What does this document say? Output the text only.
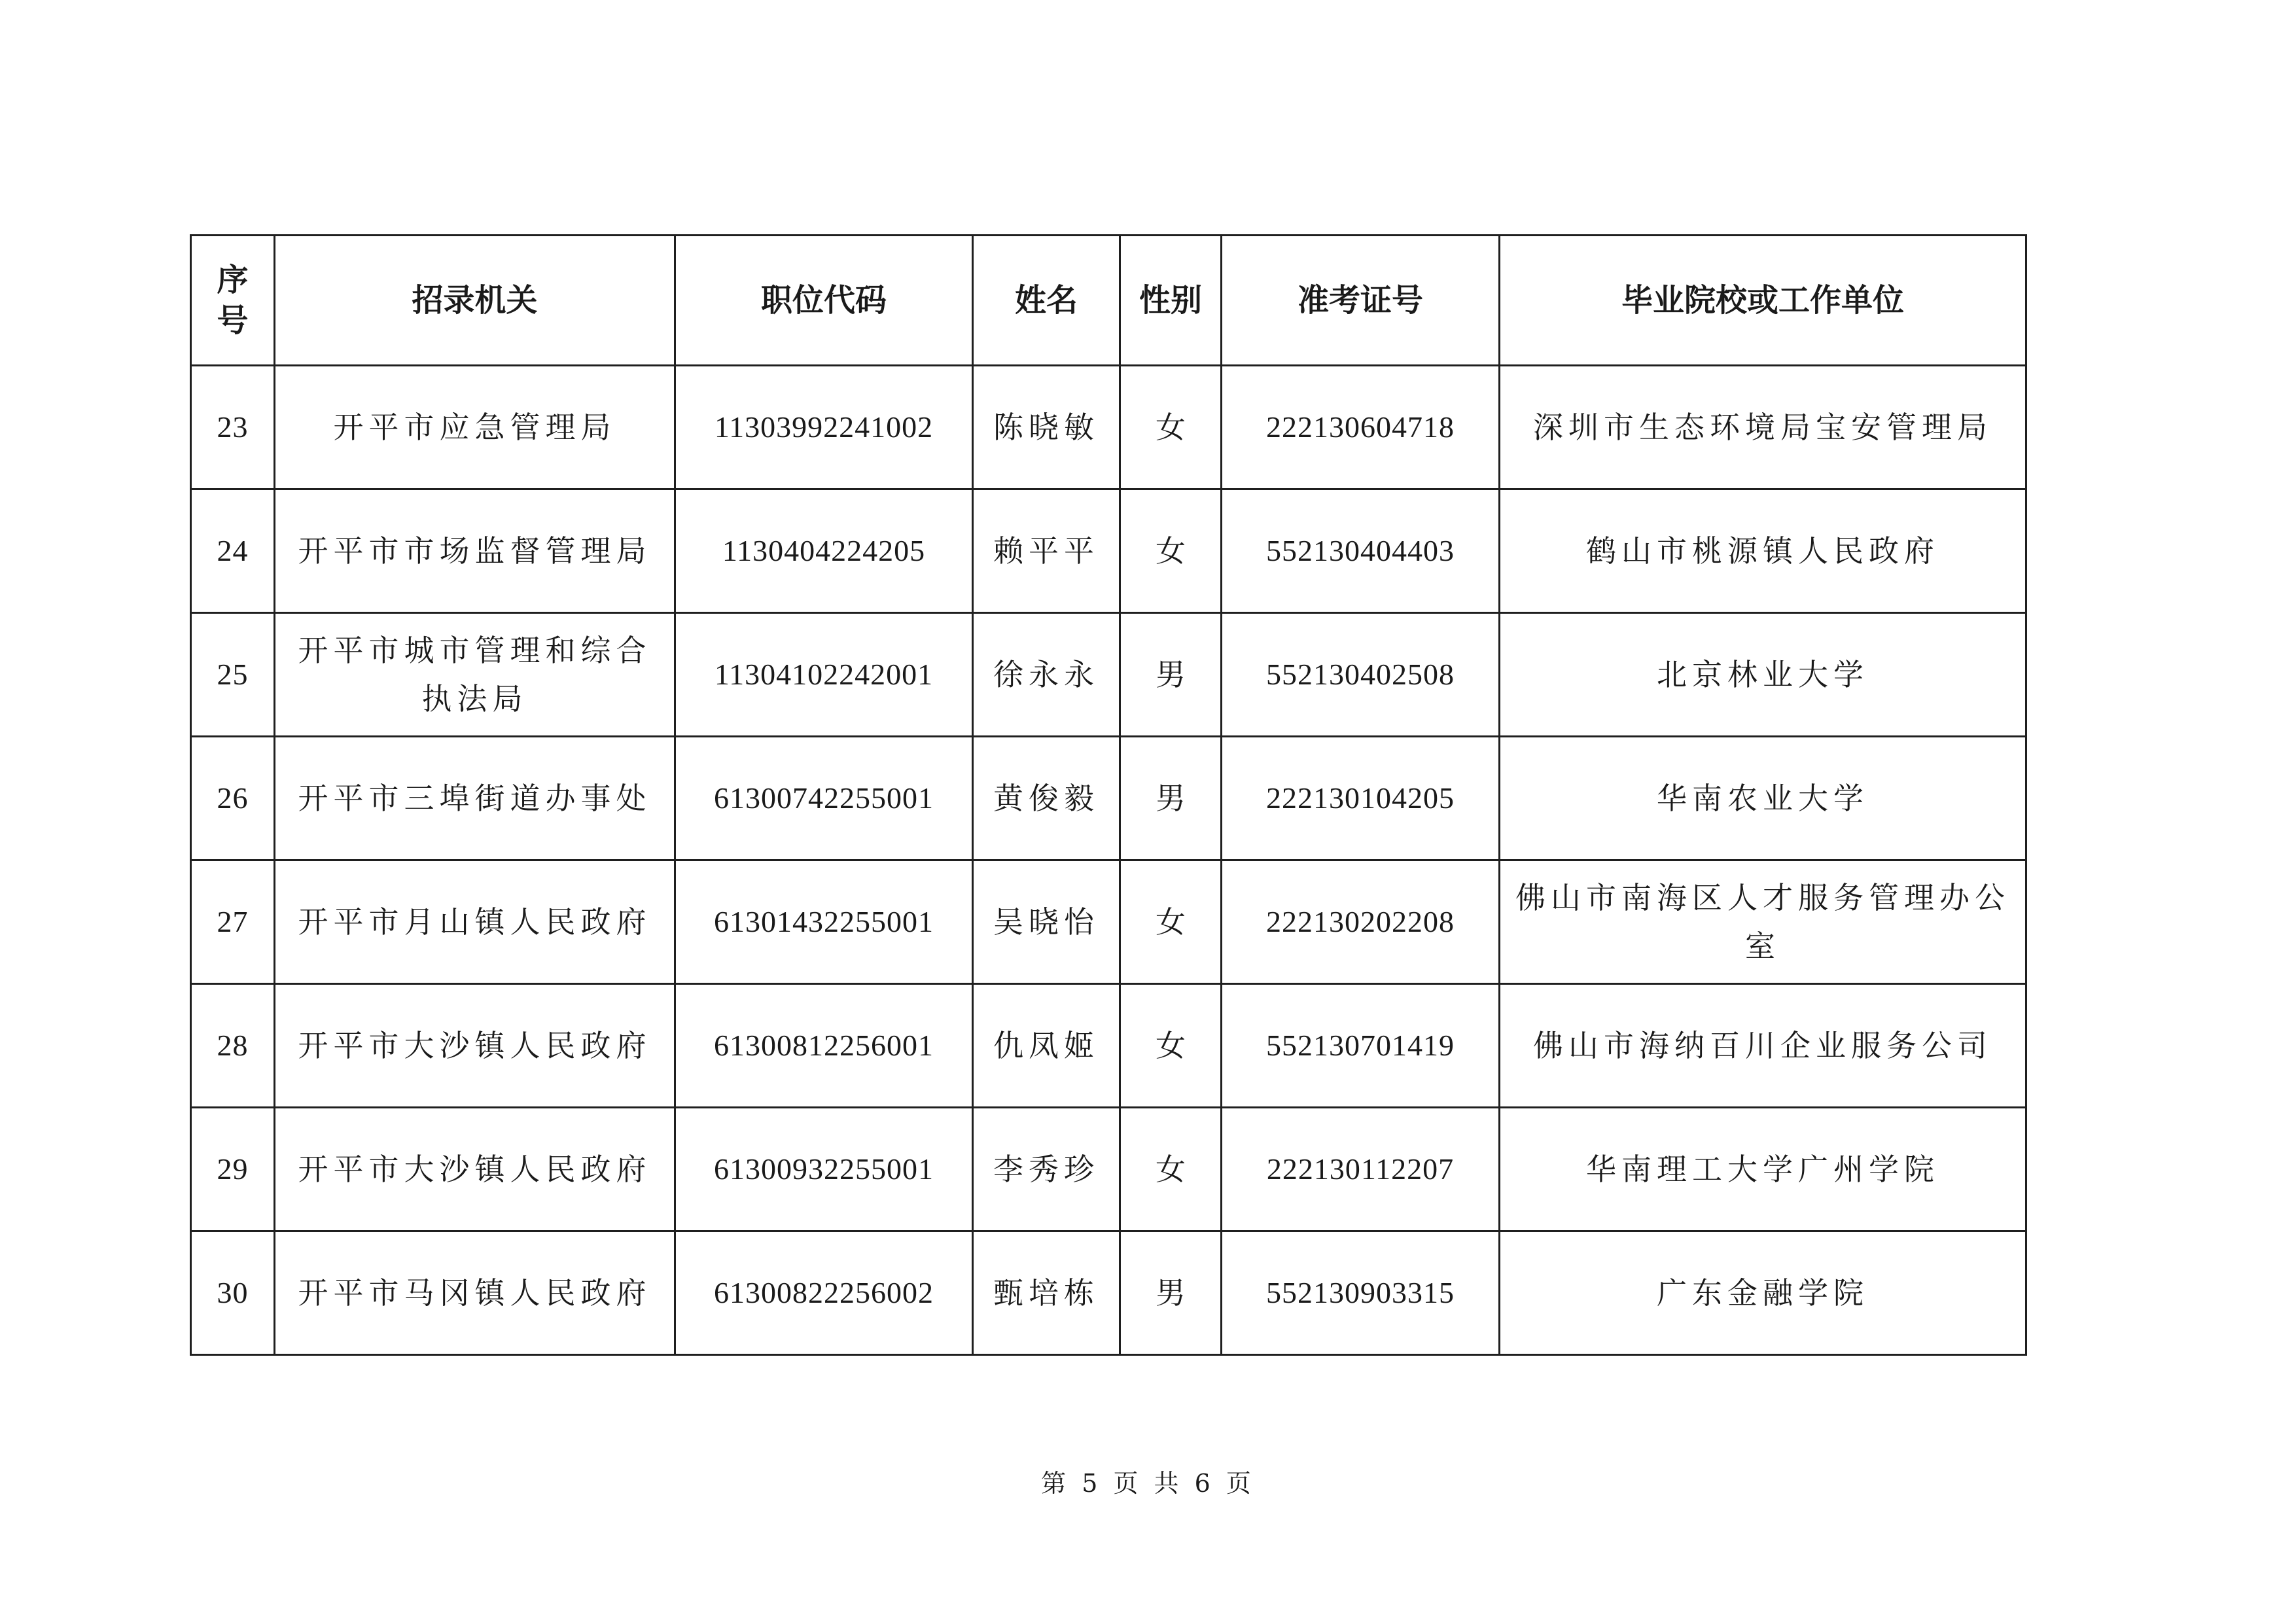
序
号	招录机关	职位代码	姓名	性别	准考证号	毕业院校或工作单位
23	开平市应急管理局	11303992241002	陈晓敏	女	222130604718	深圳市生态环境局宝安管理局
24	开平市市场监督管理局	1130404224205	赖平平	女	552130404403	鹤山市桃源镇人民政府
25	开平市城市管理和综合执法局	11304102242001	徐永永	男	552130402508	北京林业大学
26	开平市三埠街道办事处	61300742255001	黄俊毅	男	222130104205	华南农业大学
27	开平市月山镇人民政府	61301432255001	吴晓怡	女	222130202208	佛山市南海区人才服务管理办公室
28	开平市大沙镇人民政府	61300812256001	仇凤姬	女	552130701419	佛山市海纳百川企业服务公司
29	开平市大沙镇人民政府	61300932255001	李秀珍	女	222130112207	华南理工大学广州学院
30	开平市马冈镇人民政府	61300822256002	甄培栋	男	552130903315	广东金融学院
第 5 页 共 6 页
